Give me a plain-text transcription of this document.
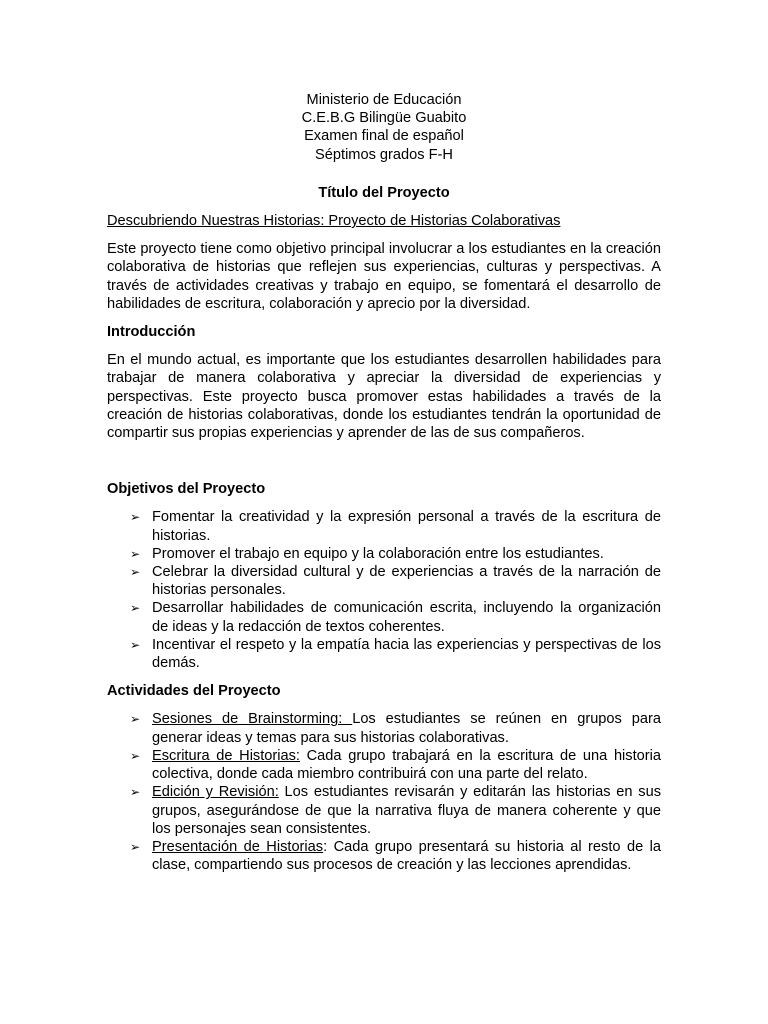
Ministerio de Educación
C.E.B.G Bilingüe Guabito
Examen final de español
Séptimos grados F-H
Título del Proyecto
Descubriendo Nuestras Historias: Proyecto de Historias Colaborativas

Este proyecto tiene como objetivo principal involucrar a los estudiantes en la creación colaborativa de historias que reflejen sus experiencias, culturas y perspectivas. A través de actividades creativas y trabajo en equipo, se fomentará el desarrollo de habilidades de escritura, colaboración y aprecio por la diversidad.

Introducción

En el mundo actual, es importante que los estudiantes desarrollen habilidades para trabajar de manera colaborativa y apreciar la diversidad de experiencias y perspectivas. Este proyecto busca promover estas habilidades a través de la creación de historias colaborativas, donde los estudiantes tendrán la oportunidad de compartir sus propias experiencias y aprender de las de sus compañeros.

Objetivos del Proyecto
➢ Fomentar la creatividad y la expresión personal a través de la escritura de historias.
➢ Promover el trabajo en equipo y la colaboración entre los estudiantes.
➢ Celebrar la diversidad cultural y de experiencias a través de la narración de historias personales.
➢ Desarrollar habilidades de comunicación escrita, incluyendo la organización de ideas y la redacción de textos coherentes.
➢ Incentivar el respeto y la empatía hacia las experiencias y perspectivas de los demás.
Actividades del Proyecto
➢ Sesiones de Brainstorming: Los estudiantes se reúnen en grupos para generar ideas y temas para sus historias colaborativas.
➢ Escritura de Historias: Cada grupo trabajará en la escritura de una historia colectiva, donde cada miembro contribuirá con una parte del relato.
➢ Edición y Revisión: Los estudiantes revisarán y editarán las historias en sus grupos, asegurándose de que la narrativa fluya de manera coherente y que los personajes sean consistentes.
➢ Presentación de Historias: Cada grupo presentará su historia al resto de la clase, compartiendo sus procesos de creación y las lecciones aprendidas.
